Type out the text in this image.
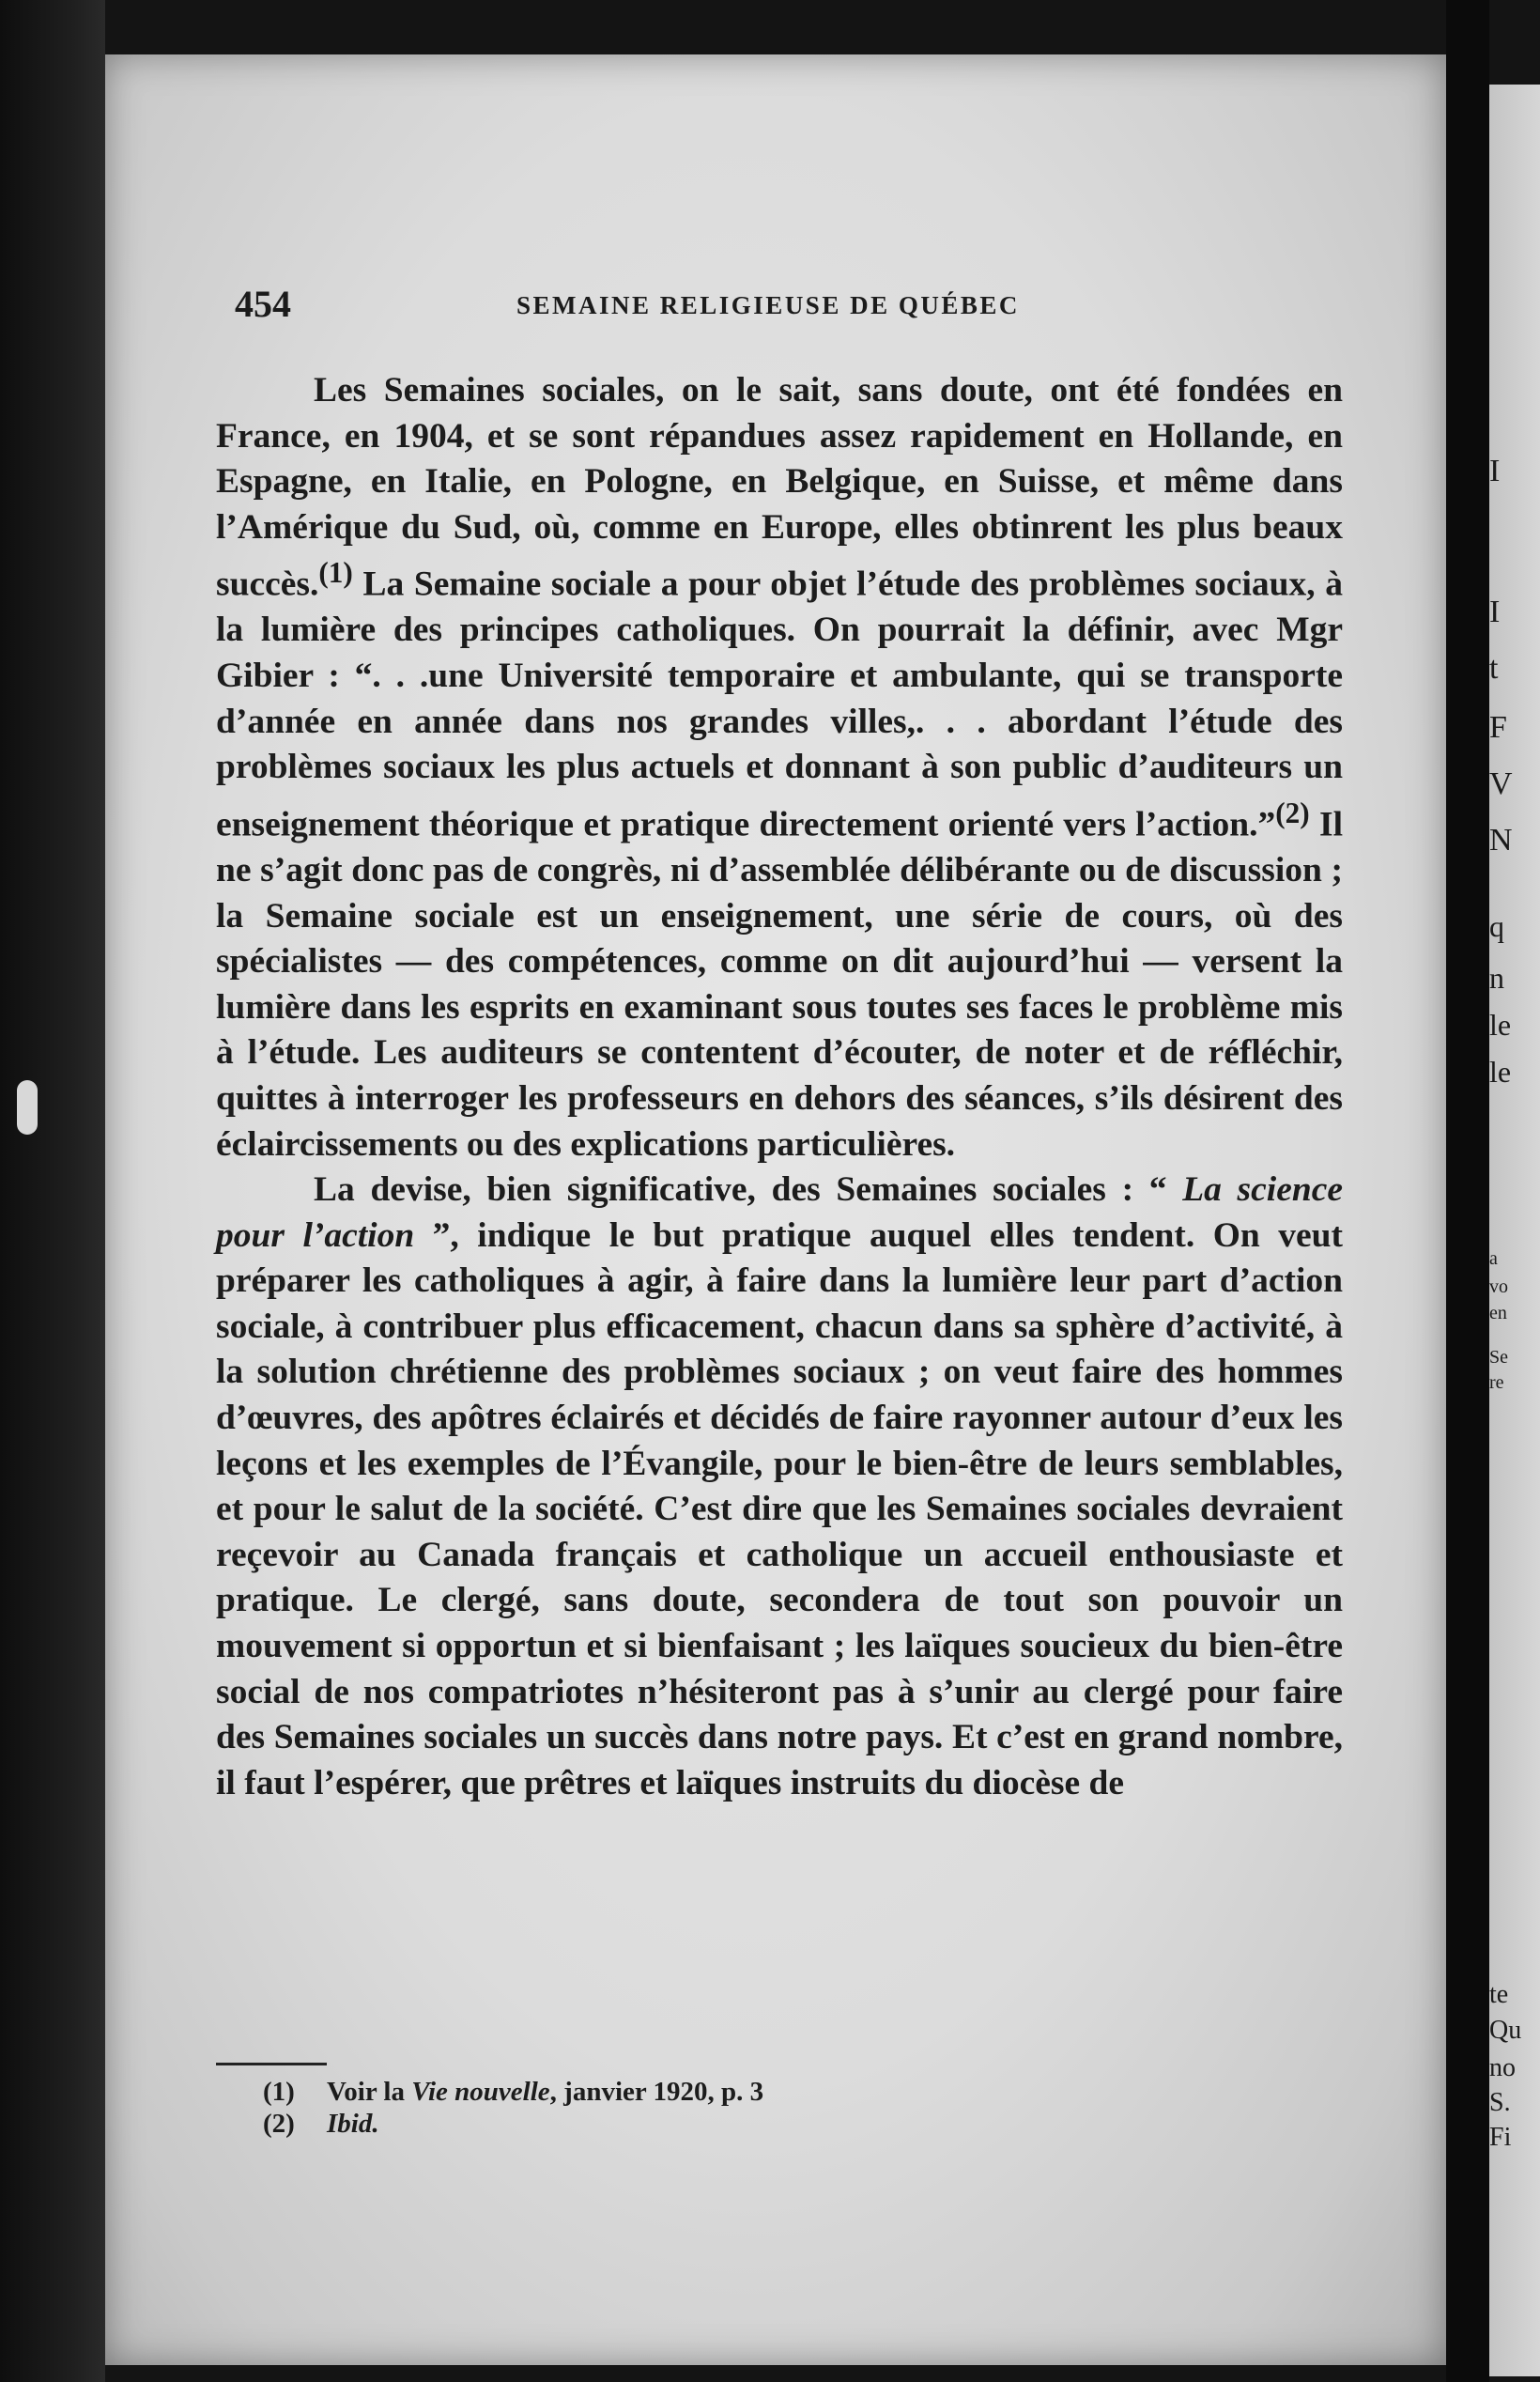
I
I
t
F
V
N
q
n
le
le
a
vo
en
Se
re
te
Qu
no
S.
Fi
454	SEMAINE RELIGIEUSE DE QUÉBEC

Les Semaines sociales, on le sait, sans doute, ont été fondées en France, en 1904, et se sont répandues assez rapidement en Hollande, en Espagne, en Italie, en Pologne, en Belgique, en Suisse, et même dans l’Amérique du Sud, où, comme en Europe, elles obtinrent les plus beaux succès.$^{(1)}$ La Semaine sociale a pour objet l’étude des problèmes sociaux, à la lumière des principes catholiques. On pourrait la définir, avec Mgr Gibier : “. . .une Université temporaire et ambulante, qui se transporte d’année en année dans nos grandes villes,. . . abordant l’étude des problèmes sociaux les plus actuels et donnant à son public d’auditeurs un enseignement théorique et pratique directement orienté vers l’action.”$^{(2)}$ Il ne s’agit donc pas de congrès, ni d’assemblée délibérante ou de discussion ; la Semaine sociale est un enseignement, une série de cours, où des spécialistes — des compétences, comme on dit aujourd’hui — versent la lumière dans les esprits en examinant sous toutes ses faces le problème mis à l’étude. Les auditeurs se contentent d’écouter, de noter et de réfléchir, quittes à interroger les professeurs en dehors des séances, s’ils désirent des éclaircissements ou des explications particulières.

La devise, bien significative, des Semaines sociales : “ La science pour l’action ”, indique le but pratique auquel elles tendent. On veut préparer les catholiques à agir, à faire dans la lumière leur part d’action sociale, à contribuer plus efficacement, chacun dans sa sphère d’activité, à la solution chrétienne des problèmes sociaux ; on veut faire des hommes d’œuvres, des apôtres éclairés et décidés de faire rayonner autour d’eux les leçons et les exemples de l’Évangile, pour le bien-être de leurs semblables, et pour le salut de la société. C’est dire que les Semaines sociales devraient reçevoir au Canada français et catholique un accueil enthousiaste et pratique. Le clergé, sans doute, secondera de tout son pouvoir un mouvement si opportun et si bienfaisant ; les laïques soucieux du bien-être social de nos compatriotes n’hésiteront pas à s’unir au clergé pour faire des Semaines sociales un succès dans notre pays. Et c’est en grand nombre, il faut l’espérer, que prêtres et laïques instruits du diocèse de

(1)	Voir la Vie nouvelle, janvier 1920, p. 3
(2)	Ibid.
